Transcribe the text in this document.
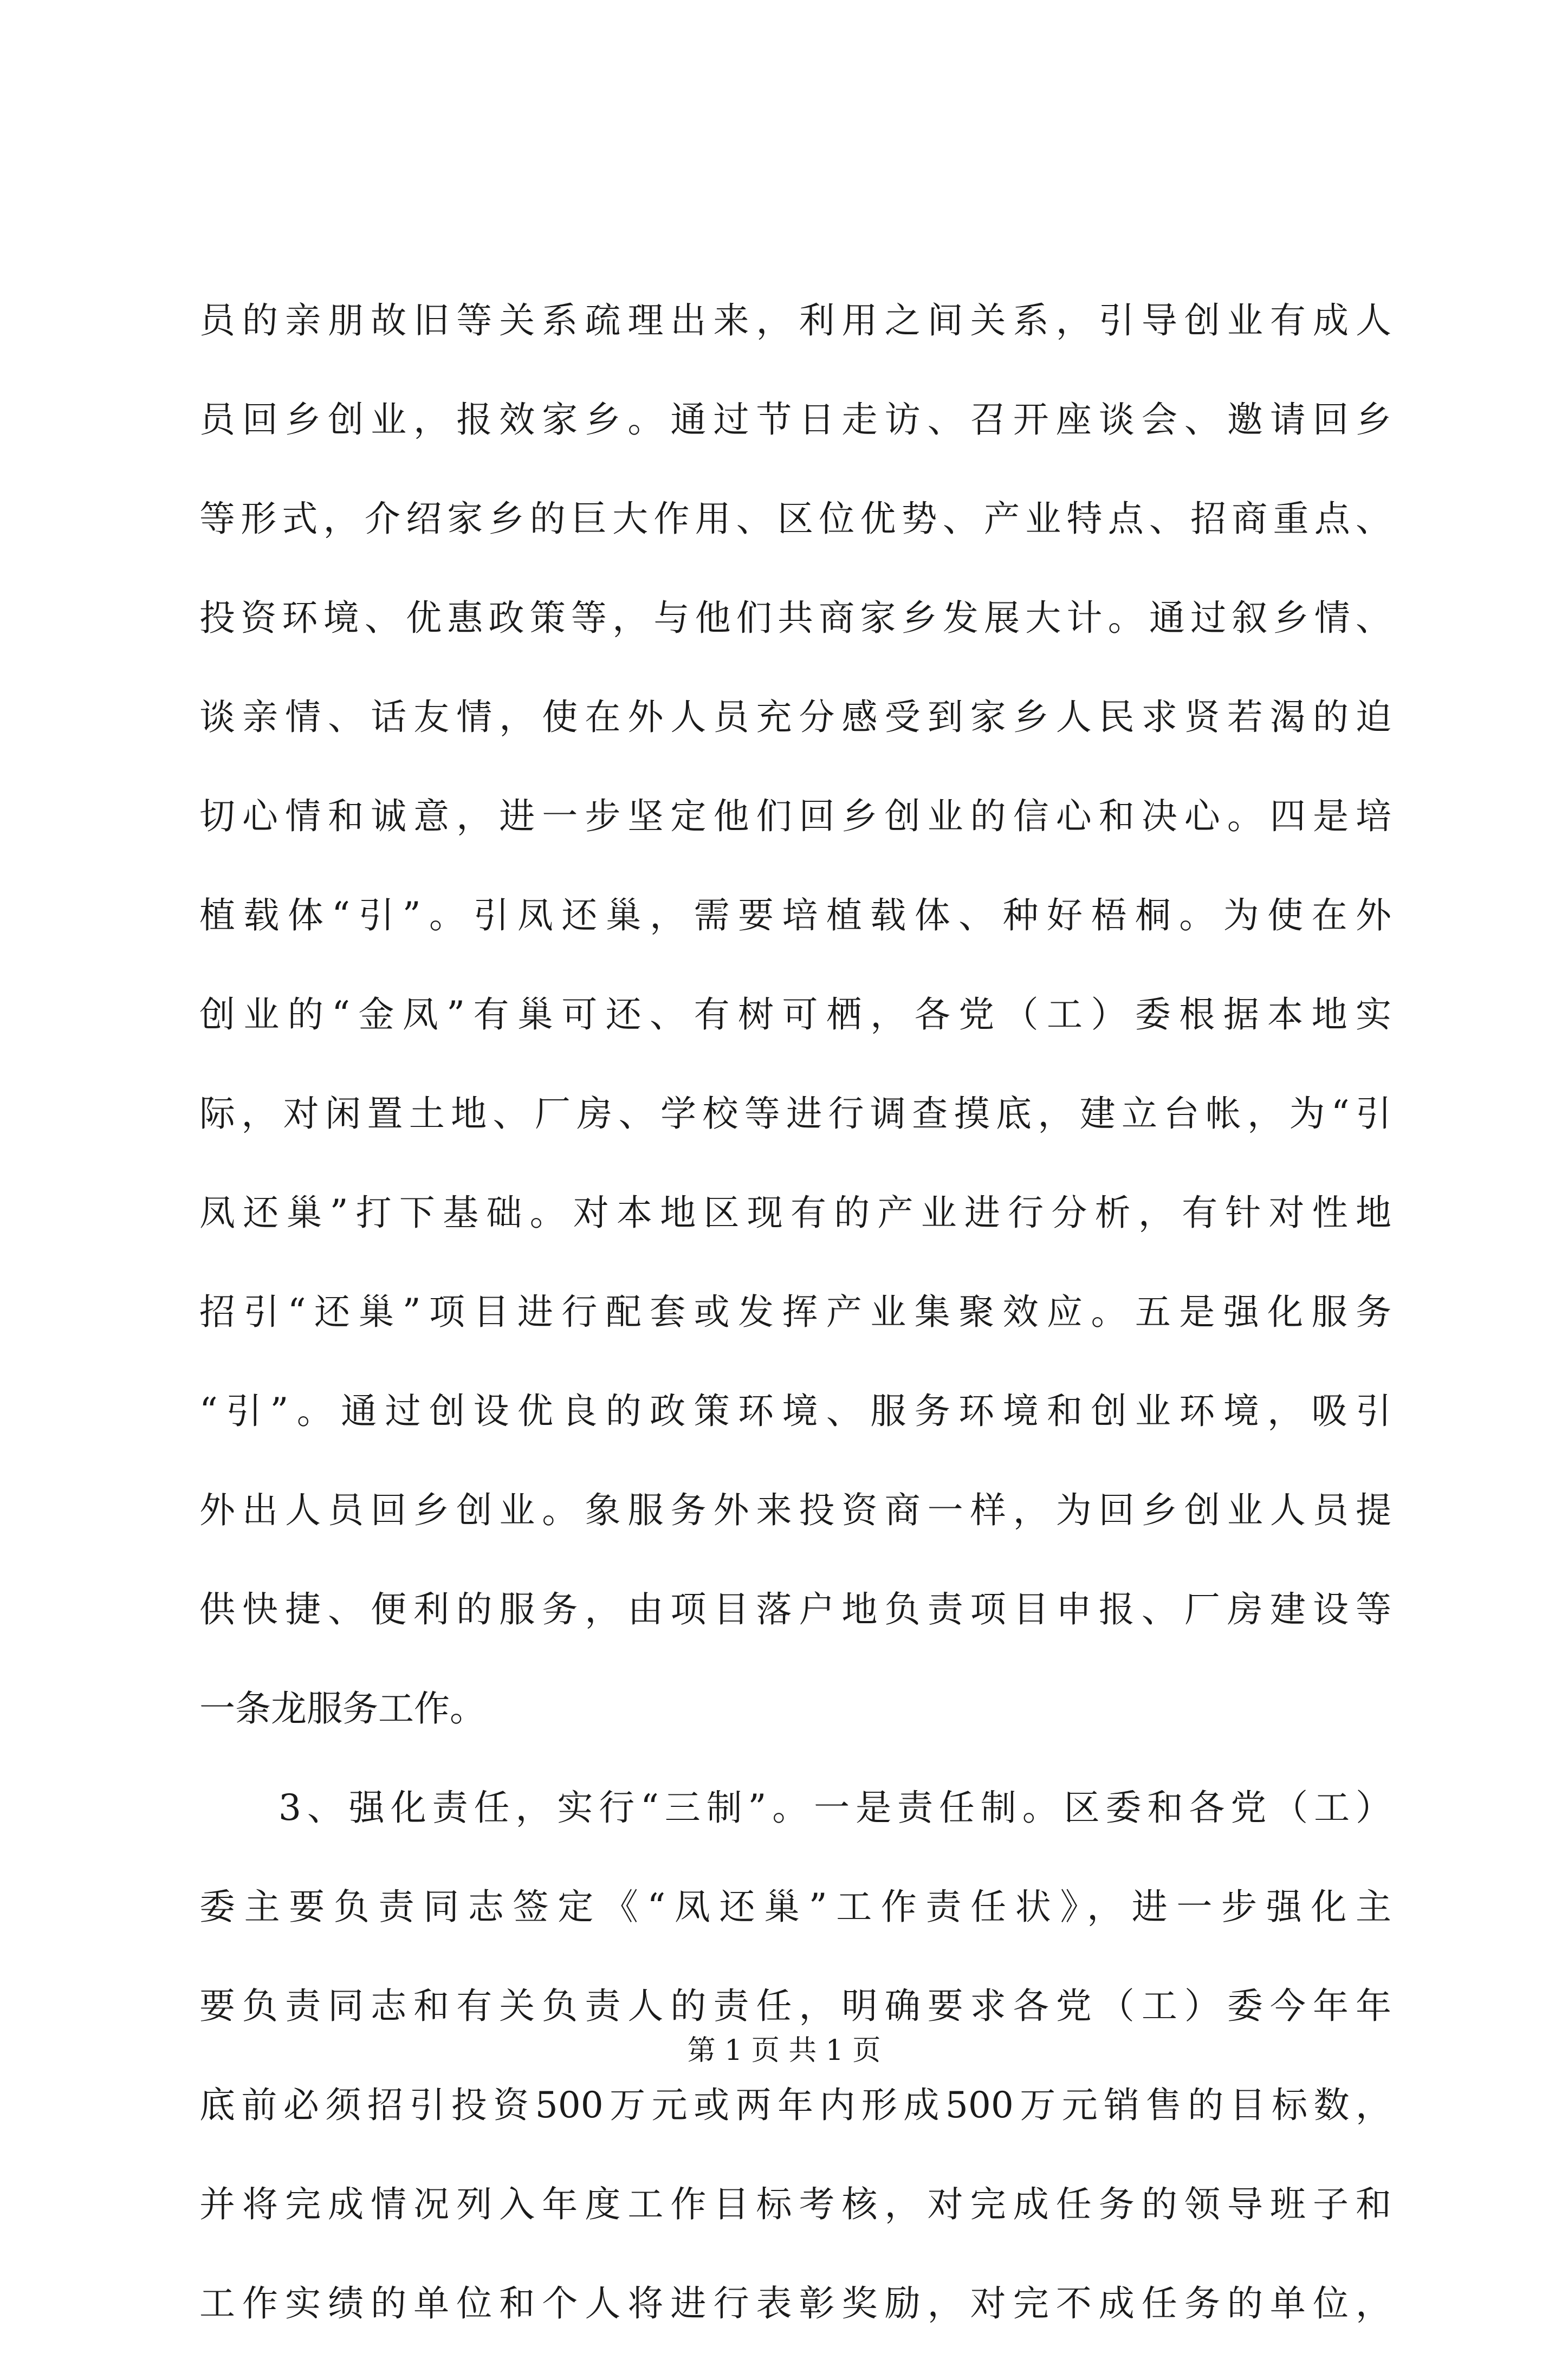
员的亲朋故旧等关系疏理出来，利用之间关系，引导创业有成人
员回乡创业，报效家乡。通过节日走访、召开座谈会、邀请回乡
等形式，介绍家乡的巨大作用、区位优势、产业特点、招商重点、
投资环境、优惠政策等，与他们共商家乡发展大计。通过叙乡情、
谈亲情、话友情，使在外人员充分感受到家乡人民求贤若渴的迫
切心情和诚意，进一步坚定他们回乡创业的信心和决心。四是培
植载体“引”。引凤还巢，需要培植载体、种好梧桐。为使在外
创业的“金凤”有巢可还、有树可栖，各党（工）委根据本地实
际，对闲置土地、厂房、学校等进行调查摸底，建立台帐，为“引
凤还巢”打下基础。对本地区现有的产业进行分析，有针对性地
招引“还巢”项目进行配套或发挥产业集聚效应。五是强化服务
“引”。通过创设优良的政策环境、服务环境和创业环境，吸引
外出人员回乡创业。象服务外来投资商一样，为回乡创业人员提
供快捷、便利的服务，由项目落户地负责项目申报、厂房建设等
一条龙服务工作。
3、强化责任，实行“三制”。一是责任制。区委和各党（工）
委主要负责同志签定《“凤还巢”工作责任状》，进一步强化主
要负责同志和有关负责人的责任，明确要求各党（工）委今年年
底前必须招引投资500万元或两年内形成500万元销售的目标数，
并将完成情况列入年度工作目标考核，对完成任务的领导班子和
工作实绩的单位和个人将进行表彰奖励，对完不成任务的单位，
第 1 页 共 1 页
